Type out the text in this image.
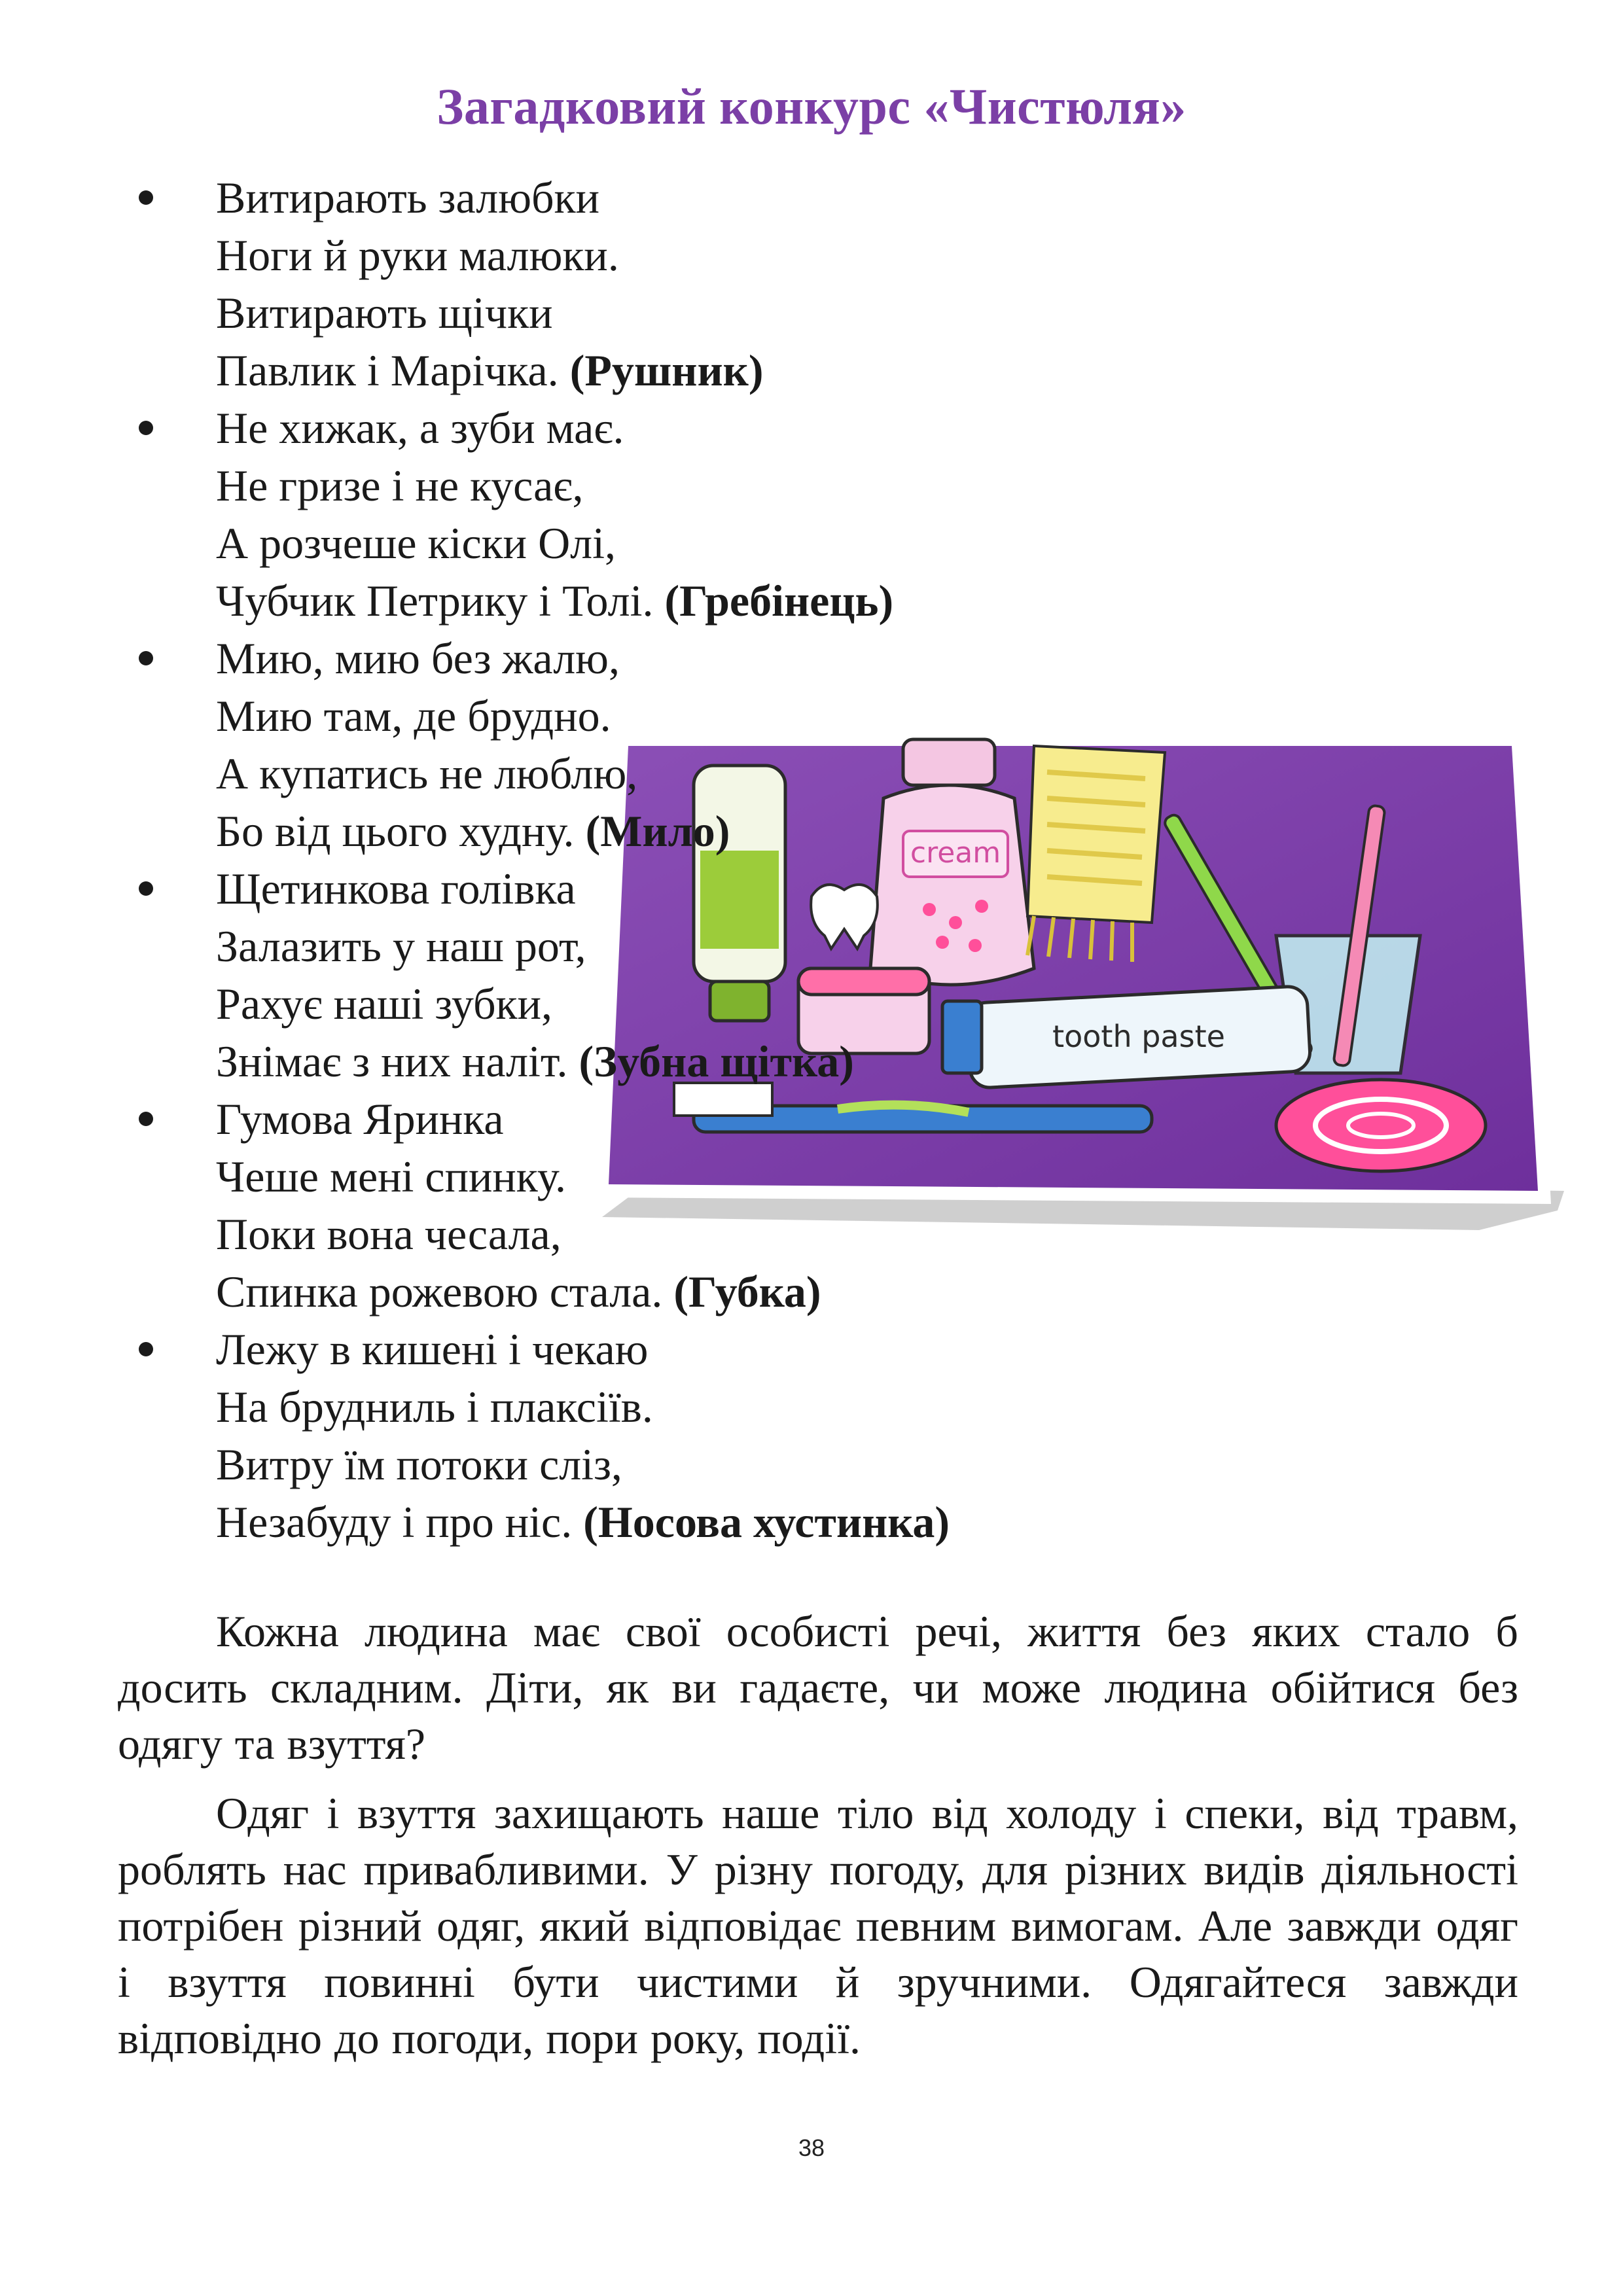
Загадковий конкурс «Чистюля»
cream
tooth paste
Витирають залюбки
Ноги й руки малюки.
Витирають щічки
Павлик і Марічка. (Рушник)
Не хижак, а зуби має.
Не гризе і не кусає,
А розчеше кіски Олі,
Чубчик Петрику і Толі. (Гребінець)
Мию, мию без жалю,
Мию там, де брудно.
А купатись не люблю,
Бо від цього худну. (Мило)
Щетинкова голівка
Залазить у наш рот,
Рахує наші зубки,
Знімає з них наліт. (Зубна щітка)
Гумова Яринка
Чеше мені спинку.
Поки вона чесала,
Спинка рожевою стала. (Губка)
Лежу в кишені і чекаю
На брудниль і плаксіїв.
Витру їм потоки сліз,
Незабуду і про ніс. (Носова хустинка)

Кожна людина має свої особисті речі, життя без яких стало б досить складним. Діти, як ви гадаєте, чи може людина обійтися без одягу та взуття?

Одяг і взуття захищають наше тіло від холоду і спеки, від травм, роблять нас привабливими. У різну погоду, для різних видів діяльності потрібен різний одяг, який відповідає певним вимогам. Але завжди одяг і взуття повинні бути чистими й зручними. Одягайтеся завжди відповідно до погоди, пори року, події.

38
